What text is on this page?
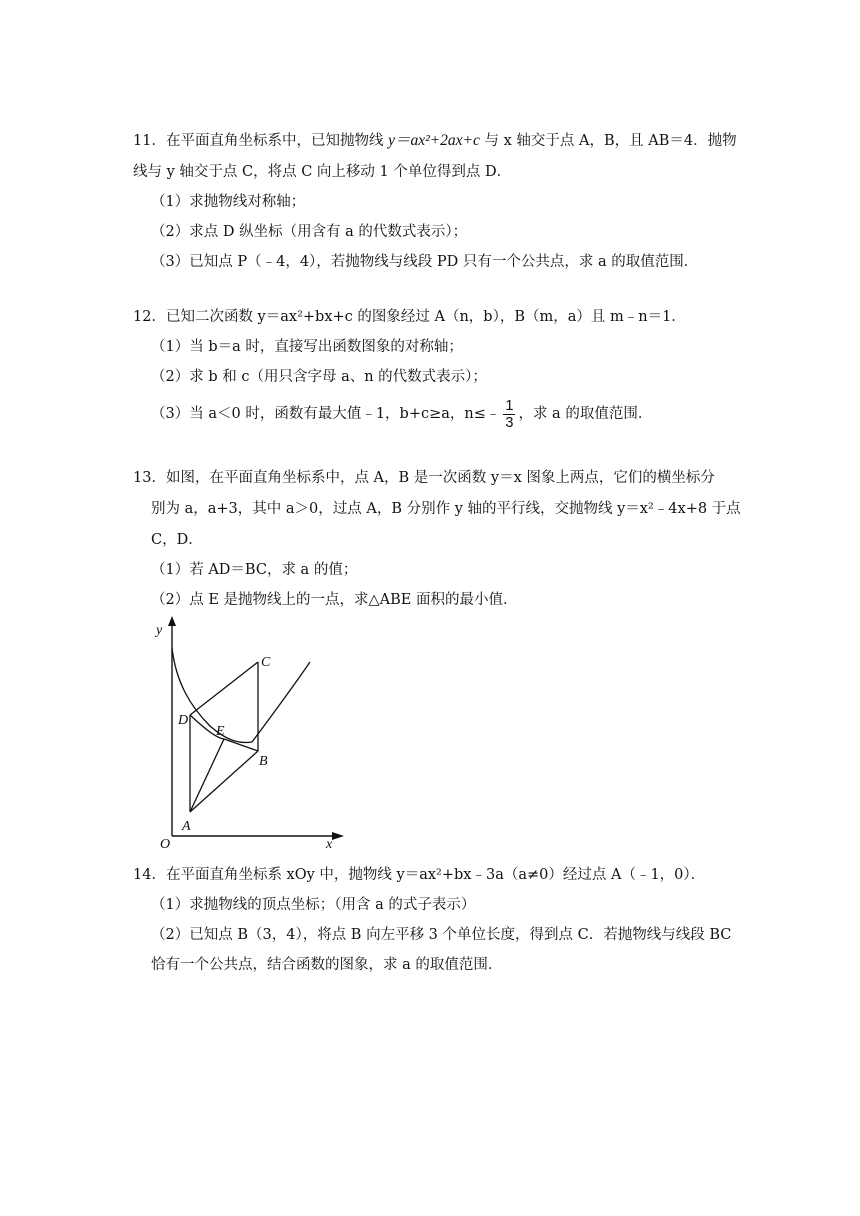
11．在平面直角坐标系中，已知抛物线 y＝ax²+2ax+c 与 x 轴交于点 A，B，且 AB＝4．抛物
线与 y 轴交于点 C，将点 C 向上移动 1 个单位得到点 D．
（1）求抛物线对称轴；
（2）求点 D 纵坐标（用含有 a 的代数式表示）；
（3）已知点 P（﹣4，4），若抛物线与线段 PD 只有一个公共点，求 a 的取值范围．
12．已知二次函数 y＝ax²+bx+c 的图象经过 A（n，b），B（m，a）且 m﹣n＝1．
（1）当 b＝a 时，直接写出函数图象的对称轴；
（2）求 b 和 c（用只含字母 a、n 的代数式表示）；
（3）当 a＜0 时，函数有最大值﹣1，b+c≥a，n≤﹣ $\frac{1}{3}$ ，求 a 的取值范围．
13．如图，在平面直角坐标系中，点 A，B 是一次函数 y＝x 图象上两点，它们的横坐标分
别为 a，a+3，其中 a＞0，过点 A，B 分别作 y 轴的平行线，交抛物线 y＝x²﹣4x+8 于点
C，D．
（1）若 AD＝BC，求 a 的值；
（2）点 E 是抛物线上的一点，求△ABE 面积的最小值．
y
x
O
A
B
C
D
E
14．在平面直角坐标系 xOy 中，抛物线 y＝ax²+bx﹣3a（a≠0）经过点 A（﹣1，0）．
（1）求抛物线的顶点坐标；（用含 a 的式子表示）
（2）已知点 B（3，4），将点 B 向左平移 3 个单位长度，得到点 C．若抛物线与线段 BC
恰有一个公共点，结合函数的图象，求 a 的取值范围．
